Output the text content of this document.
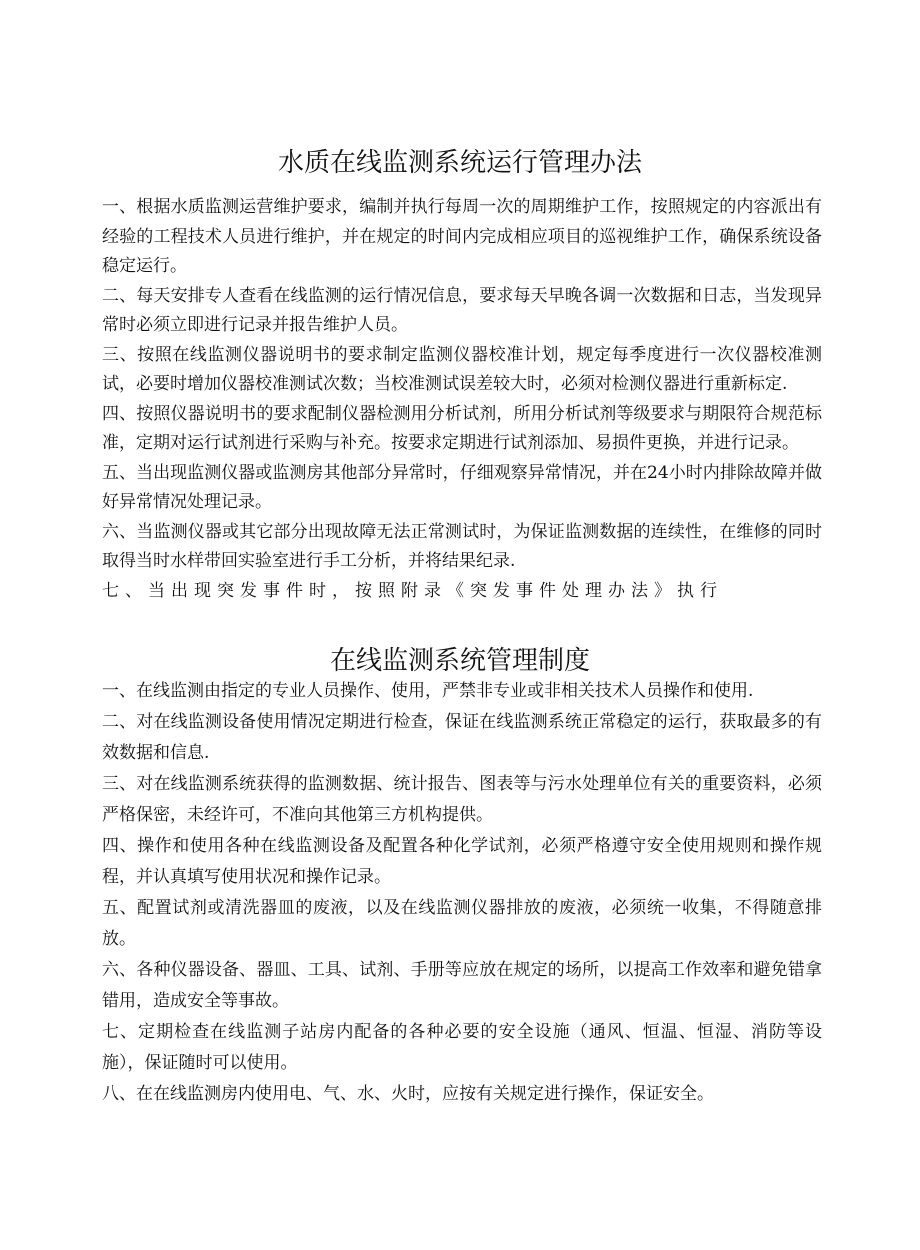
水质在线监测系统运行管理办法

一、根据水质监测运营维护要求，编制并执行每周一次的周期维护工作，按照规定的内容派出有经验的工程技术人员进行维护，并在规定的时间内完成相应项目的巡视维护工作，确保系统设备稳定运行。

二、每天安排专人查看在线监测的运行情况信息，要求每天早晚各调一次数据和日志，当发现异常时必须立即进行记录并报告维护人员。

三、按照在线监测仪器说明书的要求制定监测仪器校准计划，规定每季度进行一次仪器校准测试，必要时增加仪器校准测试次数；当校准测试误差较大时，必须对检测仪器进行重新标定.

四、按照仪器说明书的要求配制仪器检测用分析试剂，所用分析试剂等级要求与期限符合规范标准，定期对运行试剂进行采购与补充。按要求定期进行试剂添加、易损件更换，并进行记录。

五、当出现监测仪器或监测房其他部分异常时，仔细观察异常情况，并在24小时内排除故障并做好异常情况处理记录。

六、当监测仪器或其它部分出现故障无法正常测试时，为保证监测数据的连续性，在维修的同时取得当时水样带回实验室进行手工分析，并将结果纪录.

七、当出现突发事件时，按照附录《突发事件处理办法》执行

在线监测系统管理制度

一、在线监测由指定的专业人员操作、使用，严禁非专业或非相关技术人员操作和使用.

二、对在线监测设备使用情况定期进行检查，保证在线监测系统正常稳定的运行，获取最多的有效数据和信息.

三、对在线监测系统获得的监测数据、统计报告、图表等与污水处理单位有关的重要资料，必须严格保密，未经许可，不准向其他第三方机构提供。

四、操作和使用各种在线监测设备及配置各种化学试剂，必须严格遵守安全使用规则和操作规程，并认真填写使用状况和操作记录。

五、配置试剂或清洗器皿的废液，以及在线监测仪器排放的废液，必须统一收集，不得随意排放。

六、各种仪器设备、器皿、工具、试剂、手册等应放在规定的场所，以提高工作效率和避免错拿错用，造成安全等事故。

七、定期检查在线监测子站房内配备的各种必要的安全设施（通风、恒温、恒湿、消防等设施），保证随时可以使用。

八、在在线监测房内使用电、气、水、火时，应按有关规定进行操作，保证安全。
